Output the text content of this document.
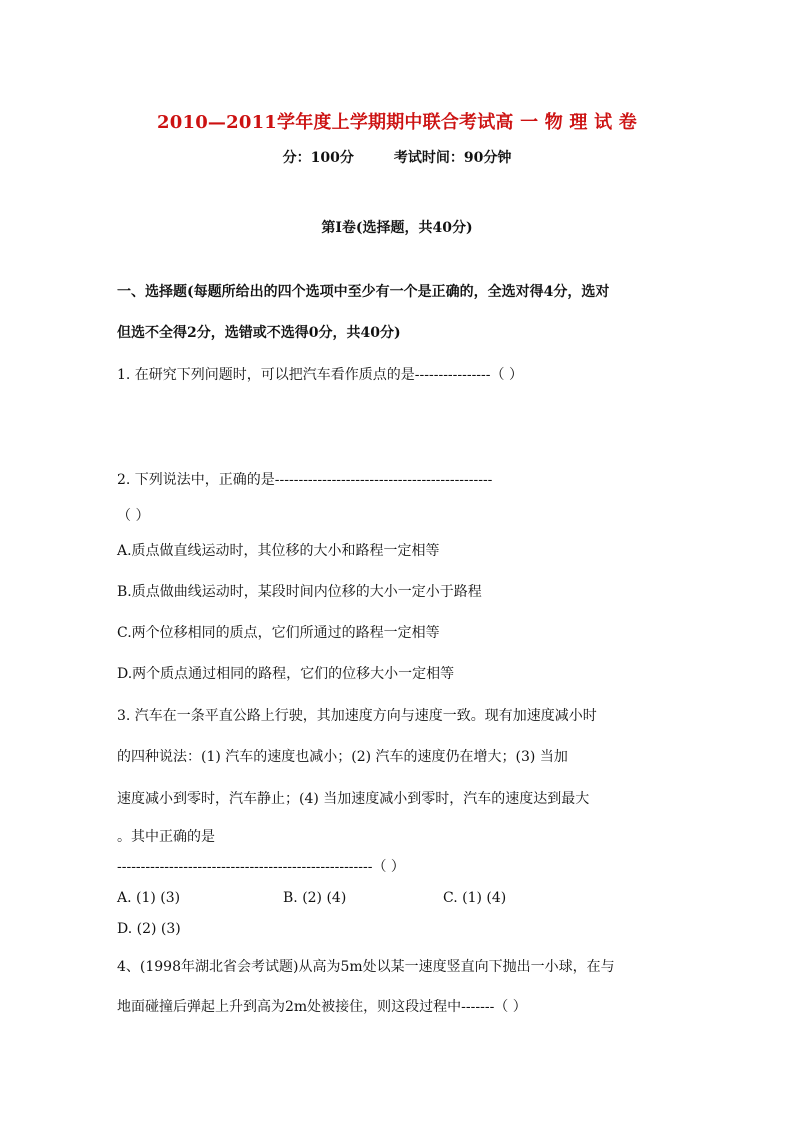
2010—2011学年度上学期期中联合考试高 一 物 理 试 卷
分：100分	考试时间：90分钟
第Ⅰ卷(选择题，共40分)
一、选择题(每题所给出的四个选项中至少有一个是正确的，全选对得4分，选对
但选不全得2分，选错或不选得0分，共40分)
1. 在研究下列问题时，可以把汽车看作质点的是----------------（ ）
2. 下列说法中，正确的是----------------------------------------------
（ ）
A.质点做直线运动时，其位移的大小和路程一定相等
B.质点做曲线运动时，某段时间内位移的大小一定小于路程
C.两个位移相同的质点，它们所通过的路程一定相等
D.两个质点通过相同的路程，它们的位移大小一定相等
3. 汽车在一条平直公路上行驶，其加速度方向与速度一致。现有加速度减小时
的四种说法：(1) 汽车的速度也减小；(2) 汽车的速度仍在增大；(3) 当加
速度减小到零时，汽车静止；(4) 当加速度减小到零时，汽车的速度达到最大
。其中正确的是
------------------------------------------------------（ ）
A. (1) (3)	B. (2) (4)	C. (1) (4)
D. (2) (3)
4、(1998年湖北省会考试题)从高为5m处以某一速度竖直向下抛出一小球，在与
地面碰撞后弹起上升到高为2m处被接住，则这段过程中-------（ ）
